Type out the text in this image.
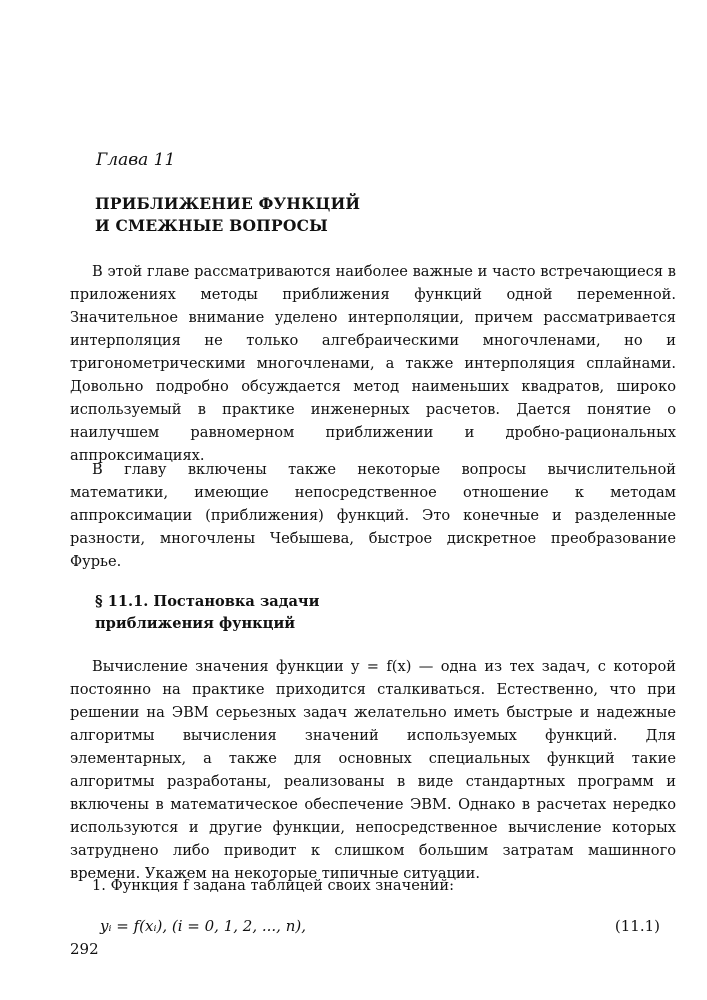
Глава 11
ПРИБЛИЖЕНИЕ ФУНКЦИЙ
И СМЕЖНЫЕ ВОПРОСЫ

В этой главе рассматриваются наиболее важные и часто встречающиеся в приложениях методы приближения функций одной переменной. Значительное внимание уделено интерполяции, причем рассматривается интерполяция не только алгебраическими многочленами, но и тригонометрическими многочленами, а также интерполяция сплайнами. Довольно подробно обсуждается метод наименьших квадратов, широко используемый в практике инженерных расчетов. Дается понятие о наилучшем равномерном приближении и дробно-рациональных аппроксимациях.

В главу включены также некоторые вопросы вычислительной математики, имеющие непосредственное отношение к методам аппроксимации (приближения) функций. Это конечные и разделенные разности, многочлены Чебышева, быстрое дискретное преобразование Фурье.

§ 11.1. Постановка задачи
приближения функций

Вычисление значения функции y = f(x) — одна из тех задач, с которой постоянно на практике приходится сталкиваться. Естественно, что при решении на ЭВМ серьезных задач желательно иметь быстрые и надежные алгоритмы вычисления значений используемых функций. Для элементарных, а также для основных специальных функций такие алгоритмы разработаны, реализованы в виде стандартных программ и включены в математическое обеспечение ЭВМ. Однако в расчетах нередко используются и другие функции, непосредственное вычисление которых затруднено либо приводит к слишком большим затратам машинного времени. Укажем на некоторые типичные ситуации.

1. Функция f задана таблицей своих значений:

yᵢ = f(xᵢ), (i = 0, 1, 2, ..., n),	(11.1)
292
